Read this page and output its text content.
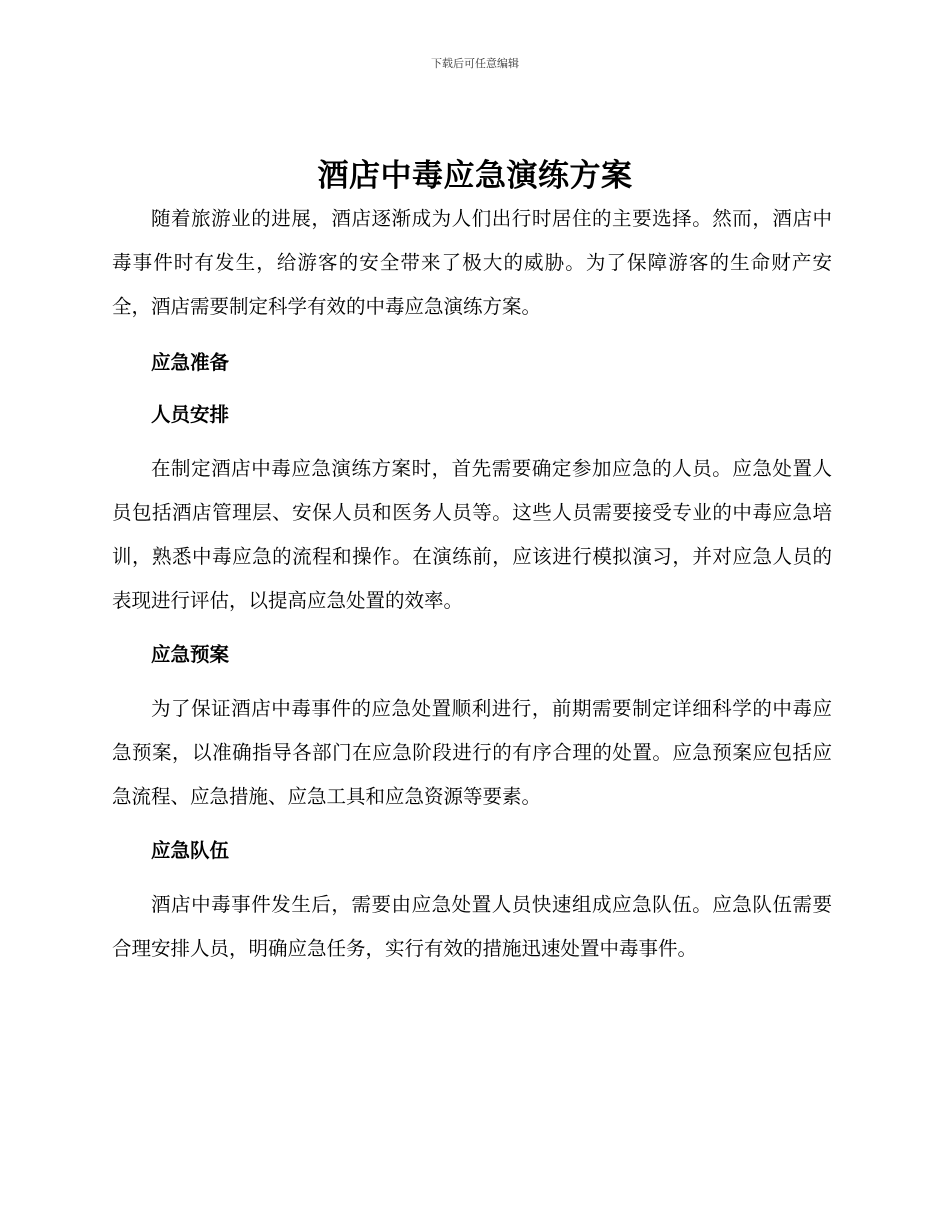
下载后可任意编辑
酒店中毒应急演练方案

随着旅游业的进展，酒店逐渐成为人们出行时居住的主要选择。然而，酒店中毒事件时有发生，给游客的安全带来了极大的威胁。为了保障游客的生命财产安全，酒店需要制定科学有效的中毒应急演练方案。

应急准备

人员安排

在制定酒店中毒应急演练方案时，首先需要确定参加应急的人员。应急处置人员包括酒店管理层、安保人员和医务人员等。这些人员需要接受专业的中毒应急培训，熟悉中毒应急的流程和操作。在演练前，应该进行模拟演习，并对应急人员的表现进行评估，以提高应急处置的效率。

应急预案

为了保证酒店中毒事件的应急处置顺利进行，前期需要制定详细科学的中毒应急预案，以准确指导各部门在应急阶段进行的有序合理的处置。应急预案应包括应急流程、应急措施、应急工具和应急资源等要素。

应急队伍

酒店中毒事件发生后，需要由应急处置人员快速组成应急队伍。应急队伍需要合理安排人员，明确应急任务，实行有效的措施迅速处置中毒事件。
